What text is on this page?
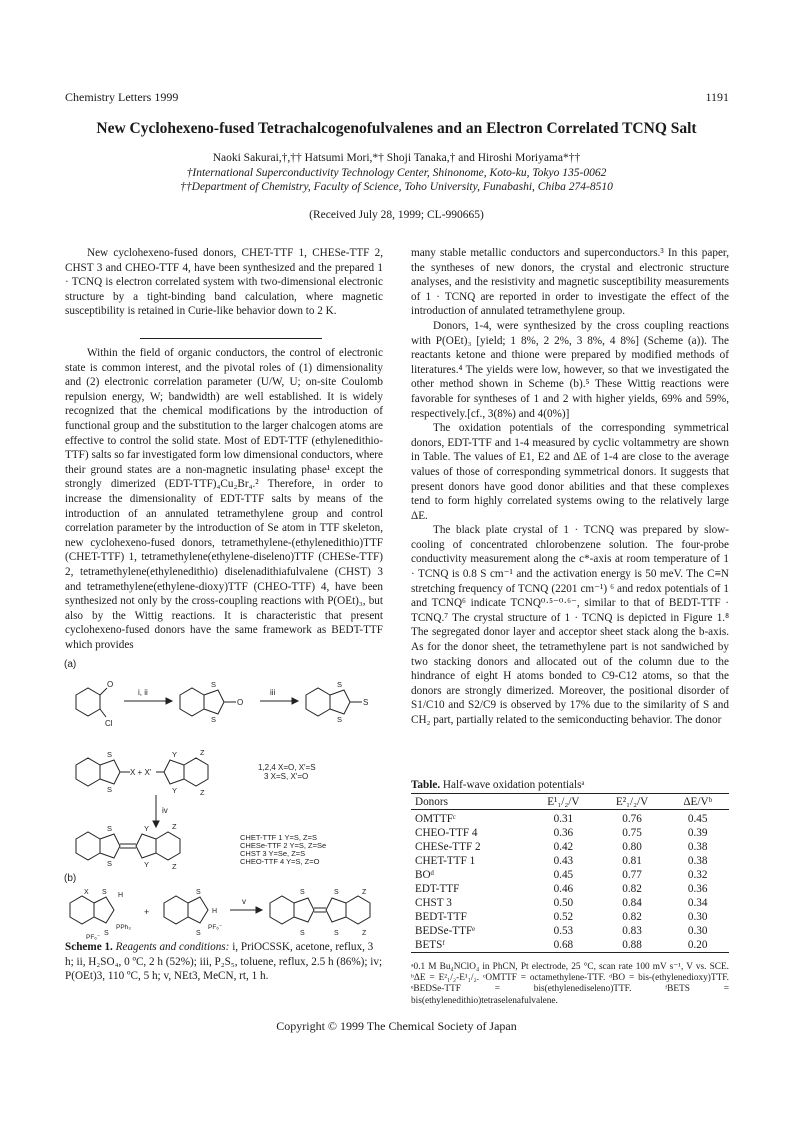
Chemistry Letters 1999	1191
New Cyclohexeno-fused Tetrachalcogenofulvalenes and an Electron Correlated TCNQ Salt
Naoki Sakurai,†,†† Hatsumi Mori,*† Shoji Tanaka,† and Hiroshi Moriyama*††
†International Superconductivity Technology Center, Shinonome, Koto-ku, Tokyo 135-0062
††Department of Chemistry, Faculty of Science, Toho University, Funabashi, Chiba 274-8510
(Received July 28, 1999; CL-990665)

New cyclohexeno-fused donors, CHET-TTF 1, CHESe-TTF 2, CHST 3 and CHEO-TTF 4, have been synthesized and the prepared 1 · TCNQ is electron correlated system with two-dimensional electronic structure by a tight-binding band calculation, where magnetic susceptibility is retained in Curie-like behavior down to 2 K.

Within the field of organic conductors, the control of electronic state is common interest, and the pivotal roles of (1) dimensionality and (2) electronic correlation parameter (U/W, U; on-site Coulomb repulsion energy, W; bandwidth) are well established. It is widely recognized that the chemical modifications by the introduction of functional group and the substitution to the larger chalcogen atoms are effective to control the solid state. Most of EDT-TTF (ethylenedithio-TTF) salts so far investigated form low dimensional conductors, where their ground states are a non-magnetic insulating phase¹ except the strongly dimerized (EDT-TTF)₄Cu₂Br₄.² Therefore, in order to increase the dimensionality of EDT-TTF salts by means of the introduction of an annulated tetramethylene group and control correlation parameter by the introduction of Se atom in TTF skeleton, new cyclohexeno-fused donors, tetramethylene-(ethylenedithio)TTF (CHET-TTF) 1, tetramethylene(ethylene-diseleno)TTF (CHESe-TTF) 2, tetramethylene(ethylenedithio) diselenadithiafulvalene (CHST) 3 and tetramethylene(ethylene-dioxy)TTF (CHEO-TTF) 4, have been synthesized not only by the cross-coupling reactions with P(OEt)₃, but also by the Wittig reactions. It is characteristic that present cyclohexeno-fused donors have the same framework as BEDT-TTF which provides

(a)
O
Cl
i, ii
S
S
O
iii
S
S
S
S
S
X + X'
Y
Y
Z
Z
1,2,4 X=O, X'=S
3 X=S, X'=O
iv
S
S
Y
Y
Z
Z
CHET-TTF 1 Y=S, Z=S
CHESe-TTF 2 Y=S, Z=Se
CHST 3 Y=Se, Z=S
CHEO-TTF 4 Y=S, Z=O
(b)
X S H
S
PPh₃
PF₆⁻
+
S
S
H
PF₆⁻
v
S
S
S
S
Z
Z
Scheme 1. Reagents and conditions: i, PriOCSSK, acetone, reflux, 3 h; ii, H₂SO₄, 0 ºC, 2 h (52%); iii, P₂S₅, toluene, reflux, 2.5 h (86%); iv; P(OEt)3, 110 ºC, 5 h; v, NEt3, MeCN, rt, 1 h.

many stable metallic conductors and superconductors.³ In this paper, the syntheses of new donors, the crystal and electronic structure analyses, and the resistivity and magnetic susceptibility measurements of 1 · TCNQ are reported in order to investigate the effect of the introduction of annulated tetramethylene group.

Donors, 1-4, were synthesized by the cross coupling reactions with P(OEt)₃ [yield; 1 8%, 2 2%, 3 8%, 4 8%] (Scheme (a)). The reactants ketone and thione were prepared by modified methods of literatures.⁴ The yields were low, however, so that we investigated the other method shown in Scheme (b).⁵ These Wittig reactions were favorable for syntheses of 1 and 2 with higher yields, 69% and 59%, respectively.[cf., 3(8%) and 4(0%)]

The oxidation potentials of the corresponding symmetrical donors, EDT-TTF and 1-4 measured by cyclic voltammetry are shown in Table. The values of E1, E2 and ΔE of 1-4 are close to the average values of those of corresponding symmetrical donors. It suggests that present donors have good donor abilities and that these complexes tend to form highly correlated systems owing to the relatively large ΔE.

The black plate crystal of 1 · TCNQ was prepared by slow-cooling of concentrated chlorobenzene solution. The four-probe conductivity measurement along the c*-axis at room temperature of 1 · TCNQ is 0.8 S cm⁻¹ and the activation energy is 50 meV. The C≡N stretching frequency of TCNQ (2201 cm⁻¹) ⁶ and redox potentials of 1 and TCNQ⁶ indicate TCNQ⁰·⁵⁻⁰·⁶⁻, similar to that of BEDT-TTF · TCNQ.⁷ The crystal structure of 1 · TCNQ is depicted in Figure 1.⁸ The segregated donor layer and acceptor sheet stack along the b-axis. As for the donor sheet, the tetramethylene part is not sandwiched by two stacking donors and allocated out of the column due to the hindrance of eight H atoms bonded to C9-C12 atoms, so that the donors are strongly dimerized. Moreover, the positional disorder of S1/C10 and S2/C9 is observed by 17% due to the similarity of S and CH₂ part, partially related to the semiconducting behavior. The donor

Table. Half-wave oxidation potentialsᵃ
Donors	E¹₁/₂/V	E²₁/₂/V	ΔE/Vᵇ

OMTTFᶜ	0.31	0.76	0.45
CHEO-TTF 4	0.36	0.75	0.39
CHESe-TTF 2	0.42	0.80	0.38
CHET-TTF 1	0.43	0.81	0.38
BOᵈ	0.45	0.77	0.32
EDT-TTF	0.46	0.82	0.36
CHST 3	0.50	0.84	0.34
BEDT-TTF	0.52	0.82	0.30
BEDSe-TTFᵉ	0.53	0.83	0.30
BETSᶠ	0.68	0.88	0.20

ᵃ0.1 M Bu₄NClO₄ in PhCN, Pt electrode, 25 °C, scan rate 100 mV s⁻¹, V vs. SCE. ᵇΔE = E²₁/₂-E¹₁/₂. ᶜOMTTF = octamethylene-TTF. ᵈBO = bis-(ethylenedioxy)TTF. ᵉBEDSe-TTF = bis(ethylenediseleno)TTF. ᶠBETS = bis(ethylenedithio)tetraselenafulvalene.
Copyright © 1999 The Chemical Society of Japan
